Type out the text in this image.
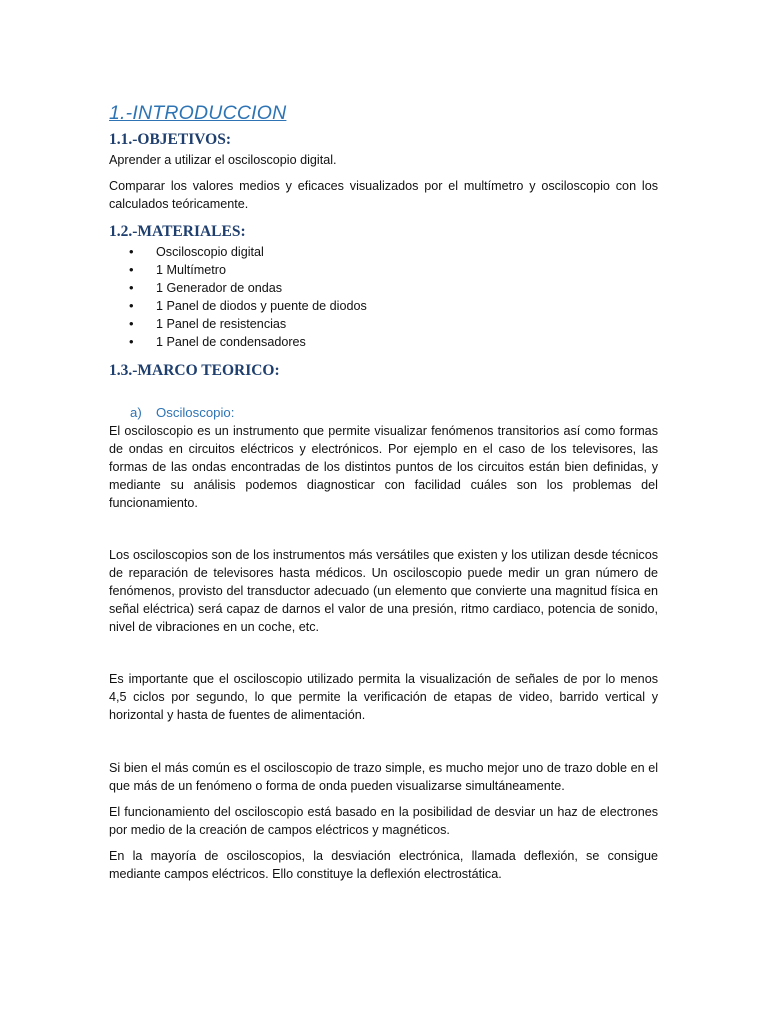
1.-INTRODUCCION
1.1.-OBJETIVOS:

Aprender a utilizar el osciloscopio digital.

Comparar los valores medios y eficaces visualizados por el multímetro y osciloscopio con los calculados teóricamente.

1.2.-MATERIALES:
• Osciloscopio digital
• 1 Multímetro
• 1 Generador de ondas
• 1 Panel de diodos y puente de diodos
• 1 Panel de resistencias
• 1 Panel de condensadores
1.3.-MARCO TEORICO:
a) Osciloscopio:

El osciloscopio es un instrumento que permite visualizar fenómenos transitorios así como formas de ondas en circuitos eléctricos y electrónicos. Por ejemplo en el caso de los televisores, las formas de las ondas encontradas de los distintos puntos de los circuitos están bien definidas, y mediante su análisis podemos diagnosticar con facilidad cuáles son los problemas del funcionamiento.

Los osciloscopios son de los instrumentos más versátiles que existen y los utilizan desde técnicos de reparación de televisores hasta médicos. Un osciloscopio puede medir un gran número de fenómenos, provisto del transductor adecuado (un elemento que convierte una magnitud física en señal eléctrica) será capaz de darnos el valor de una presión, ritmo cardiaco, potencia de sonido, nivel de vibraciones en un coche, etc.

Es importante que el osciloscopio utilizado permita la visualización de señales de por lo menos 4,5 ciclos por segundo, lo que permite la verificación de etapas de video, barrido vertical y horizontal y hasta de fuentes de alimentación.

Si bien el más común es el osciloscopio de trazo simple, es mucho mejor uno de trazo doble en el que más de un fenómeno o forma de onda pueden visualizarse simultáneamente.

El funcionamiento del osciloscopio está basado en la posibilidad de desviar un haz de electrones por medio de la creación de campos eléctricos y magnéticos.

En la mayoría de osciloscopios, la desviación electrónica, llamada deflexión, se consigue mediante campos eléctricos. Ello constituye la deflexión electrostática.
